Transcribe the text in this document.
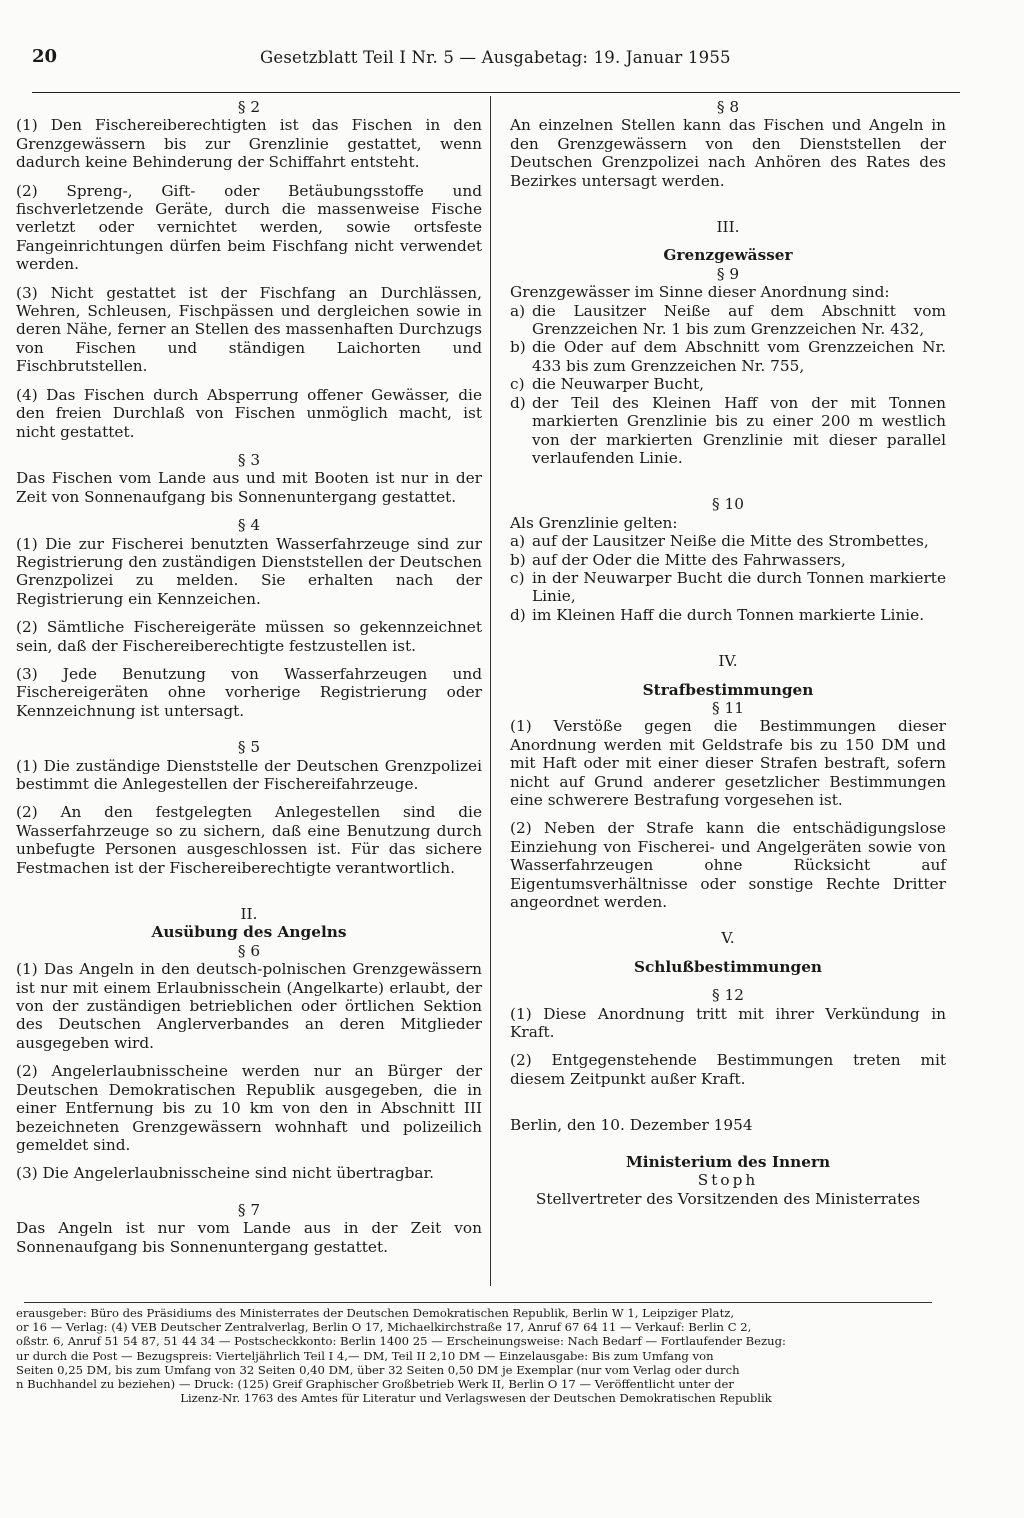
20	Gesetzblatt Teil I Nr. 5 — Ausgabetag: 19. Januar 1955

§ 2

(1) Den Fischereiberechtigten ist das Fischen in den Grenzgewässern bis zur Grenzlinie gestattet, wenn dadurch keine Behinderung der Schiffahrt entsteht.

(2) Spreng-, Gift- oder Betäubungsstoffe und fischverletzende Geräte, durch die massenweise Fische verletzt oder vernichtet werden, sowie ortsfeste Fangeinrichtungen dürfen beim Fischfang nicht verwendet werden.

(3) Nicht gestattet ist der Fischfang an Durchlässen, Wehren, Schleusen, Fischpässen und dergleichen sowie in deren Nähe, ferner an Stellen des massenhaften Durchzugs von Fischen und ständigen Laichorten und Fischbrutstellen.

(4) Das Fischen durch Absperrung offener Gewässer, die den freien Durchlaß von Fischen unmöglich macht, ist nicht gestattet.

§ 3

Das Fischen vom Lande aus und mit Booten ist nur in der Zeit von Sonnenaufgang bis Sonnenuntergang gestattet.

§ 4

(1) Die zur Fischerei benutzten Wasserfahrzeuge sind zur Registrierung den zuständigen Dienststellen der Deutschen Grenzpolizei zu melden. Sie erhalten nach der Registrierung ein Kennzeichen.

(2) Sämtliche Fischereigeräte müssen so gekennzeichnet sein, daß der Fischereiberechtigte festzustellen ist.

(3) Jede Benutzung von Wasserfahrzeugen und Fischereigeräten ohne vorherige Registrierung oder Kennzeichnung ist untersagt.

§ 5

(1) Die zuständige Dienststelle der Deutschen Grenzpolizei bestimmt die Anlegestellen der Fischereifahrzeuge.

(2) An den festgelegten Anlegestellen sind die Wasserfahrzeuge so zu sichern, daß eine Benutzung durch unbefugte Personen ausgeschlossen ist. Für das sichere Festmachen ist der Fischereiberechtigte verantwortlich.

II.

Ausübung des Angelns

§ 6

(1) Das Angeln in den deutsch-polnischen Grenzgewässern ist nur mit einem Erlaubnisschein (Angelkarte) erlaubt, der von der zuständigen betrieblichen oder örtlichen Sektion des Deutschen Anglerverbandes an deren Mitglieder ausgegeben wird.

(2) Angelerlaubnisscheine werden nur an Bürger der Deutschen Demokratischen Republik ausgegeben, die in einer Entfernung bis zu 10 km von den in Abschnitt III bezeichneten Grenzgewässern wohnhaft und polizeilich gemeldet sind.

(3) Die Angelerlaubnisscheine sind nicht übertragbar.

§ 7

Das Angeln ist nur vom Lande aus in der Zeit von Sonnenaufgang bis Sonnenuntergang gestattet.

§ 8

An einzelnen Stellen kann das Fischen und Angeln in den Grenzgewässern von den Dienststellen der Deutschen Grenzpolizei nach Anhören des Rates des Bezirkes untersagt werden.

III.

Grenzgewässer

§ 9

Grenzgewässer im Sinne dieser Anordnung sind:

a) die Lausitzer Neiße auf dem Abschnitt vom Grenzzeichen Nr. 1 bis zum Grenzzeichen Nr. 432,
b) die Oder auf dem Abschnitt vom Grenzzeichen Nr. 433 bis zum Grenzzeichen Nr. 755,
c) die Neuwarper Bucht,
d) der Teil des Kleinen Haff von der mit Tonnen markierten Grenzlinie bis zu einer 200 m westlich von der markierten Grenzlinie mit dieser parallel verlaufenden Linie.

§ 10

Als Grenzlinie gelten:

a) auf der Lausitzer Neiße die Mitte des Strombettes,
b) auf der Oder die Mitte des Fahrwassers,
c) in der Neuwarper Bucht die durch Tonnen markierte Linie,
d) im Kleinen Haff die durch Tonnen markierte Linie.

IV.

Strafbestimmungen

§ 11

(1) Verstöße gegen die Bestimmungen dieser Anordnung werden mit Geldstrafe bis zu 150 DM und mit Haft oder mit einer dieser Strafen bestraft, sofern nicht auf Grund anderer gesetzlicher Bestimmungen eine schwerere Bestrafung vorgesehen ist.

(2) Neben der Strafe kann die entschädigungslose Einziehung von Fischerei- und Angelgeräten sowie von Wasserfahrzeugen ohne Rücksicht auf Eigentumsverhältnisse oder sonstige Rechte Dritter angeordnet werden.

V.

Schlußbestimmungen

§ 12

(1) Diese Anordnung tritt mit ihrer Verkündung in Kraft.

(2) Entgegenstehende Bestimmungen treten mit diesem Zeitpunkt außer Kraft.

Berlin, den 10. Dezember 1954

Ministerium des Innern

Stoph

Stellvertreter des Vorsitzenden des Ministerrates

erausgeber: Büro des Präsidiums des Ministerrates der Deutschen Demokratischen Republik, Berlin W 1, Leipziger Platz,
or 16 — Verlag: (4) VEB Deutscher Zentralverlag, Berlin O 17, Michaelkirchstraße 17, Anruf 67 64 11 — Verkauf: Berlin C 2,
oßstr. 6, Anruf 51 54 87, 51 44 34 — Postscheckkonto: Berlin 1400 25 — Erscheinungsweise: Nach Bedarf — Fortlaufender Bezug:
ur durch die Post — Bezugspreis: Vierteljährlich Teil I 4,— DM, Teil II 2,10 DM — Einzelausgabe: Bis zum Umfang von
Seiten 0,25 DM, bis zum Umfang von 32 Seiten 0,40 DM, über 32 Seiten 0,50 DM je Exemplar (nur vom Verlag oder durch
n Buchhandel zu beziehen) — Druck: (125) Greif Graphischer Großbetrieb Werk II, Berlin O 17 — Veröffentlicht unter der
Lizenz-Nr. 1763 des Amtes für Literatur und Verlagswesen der Deutschen Demokratischen Republik
